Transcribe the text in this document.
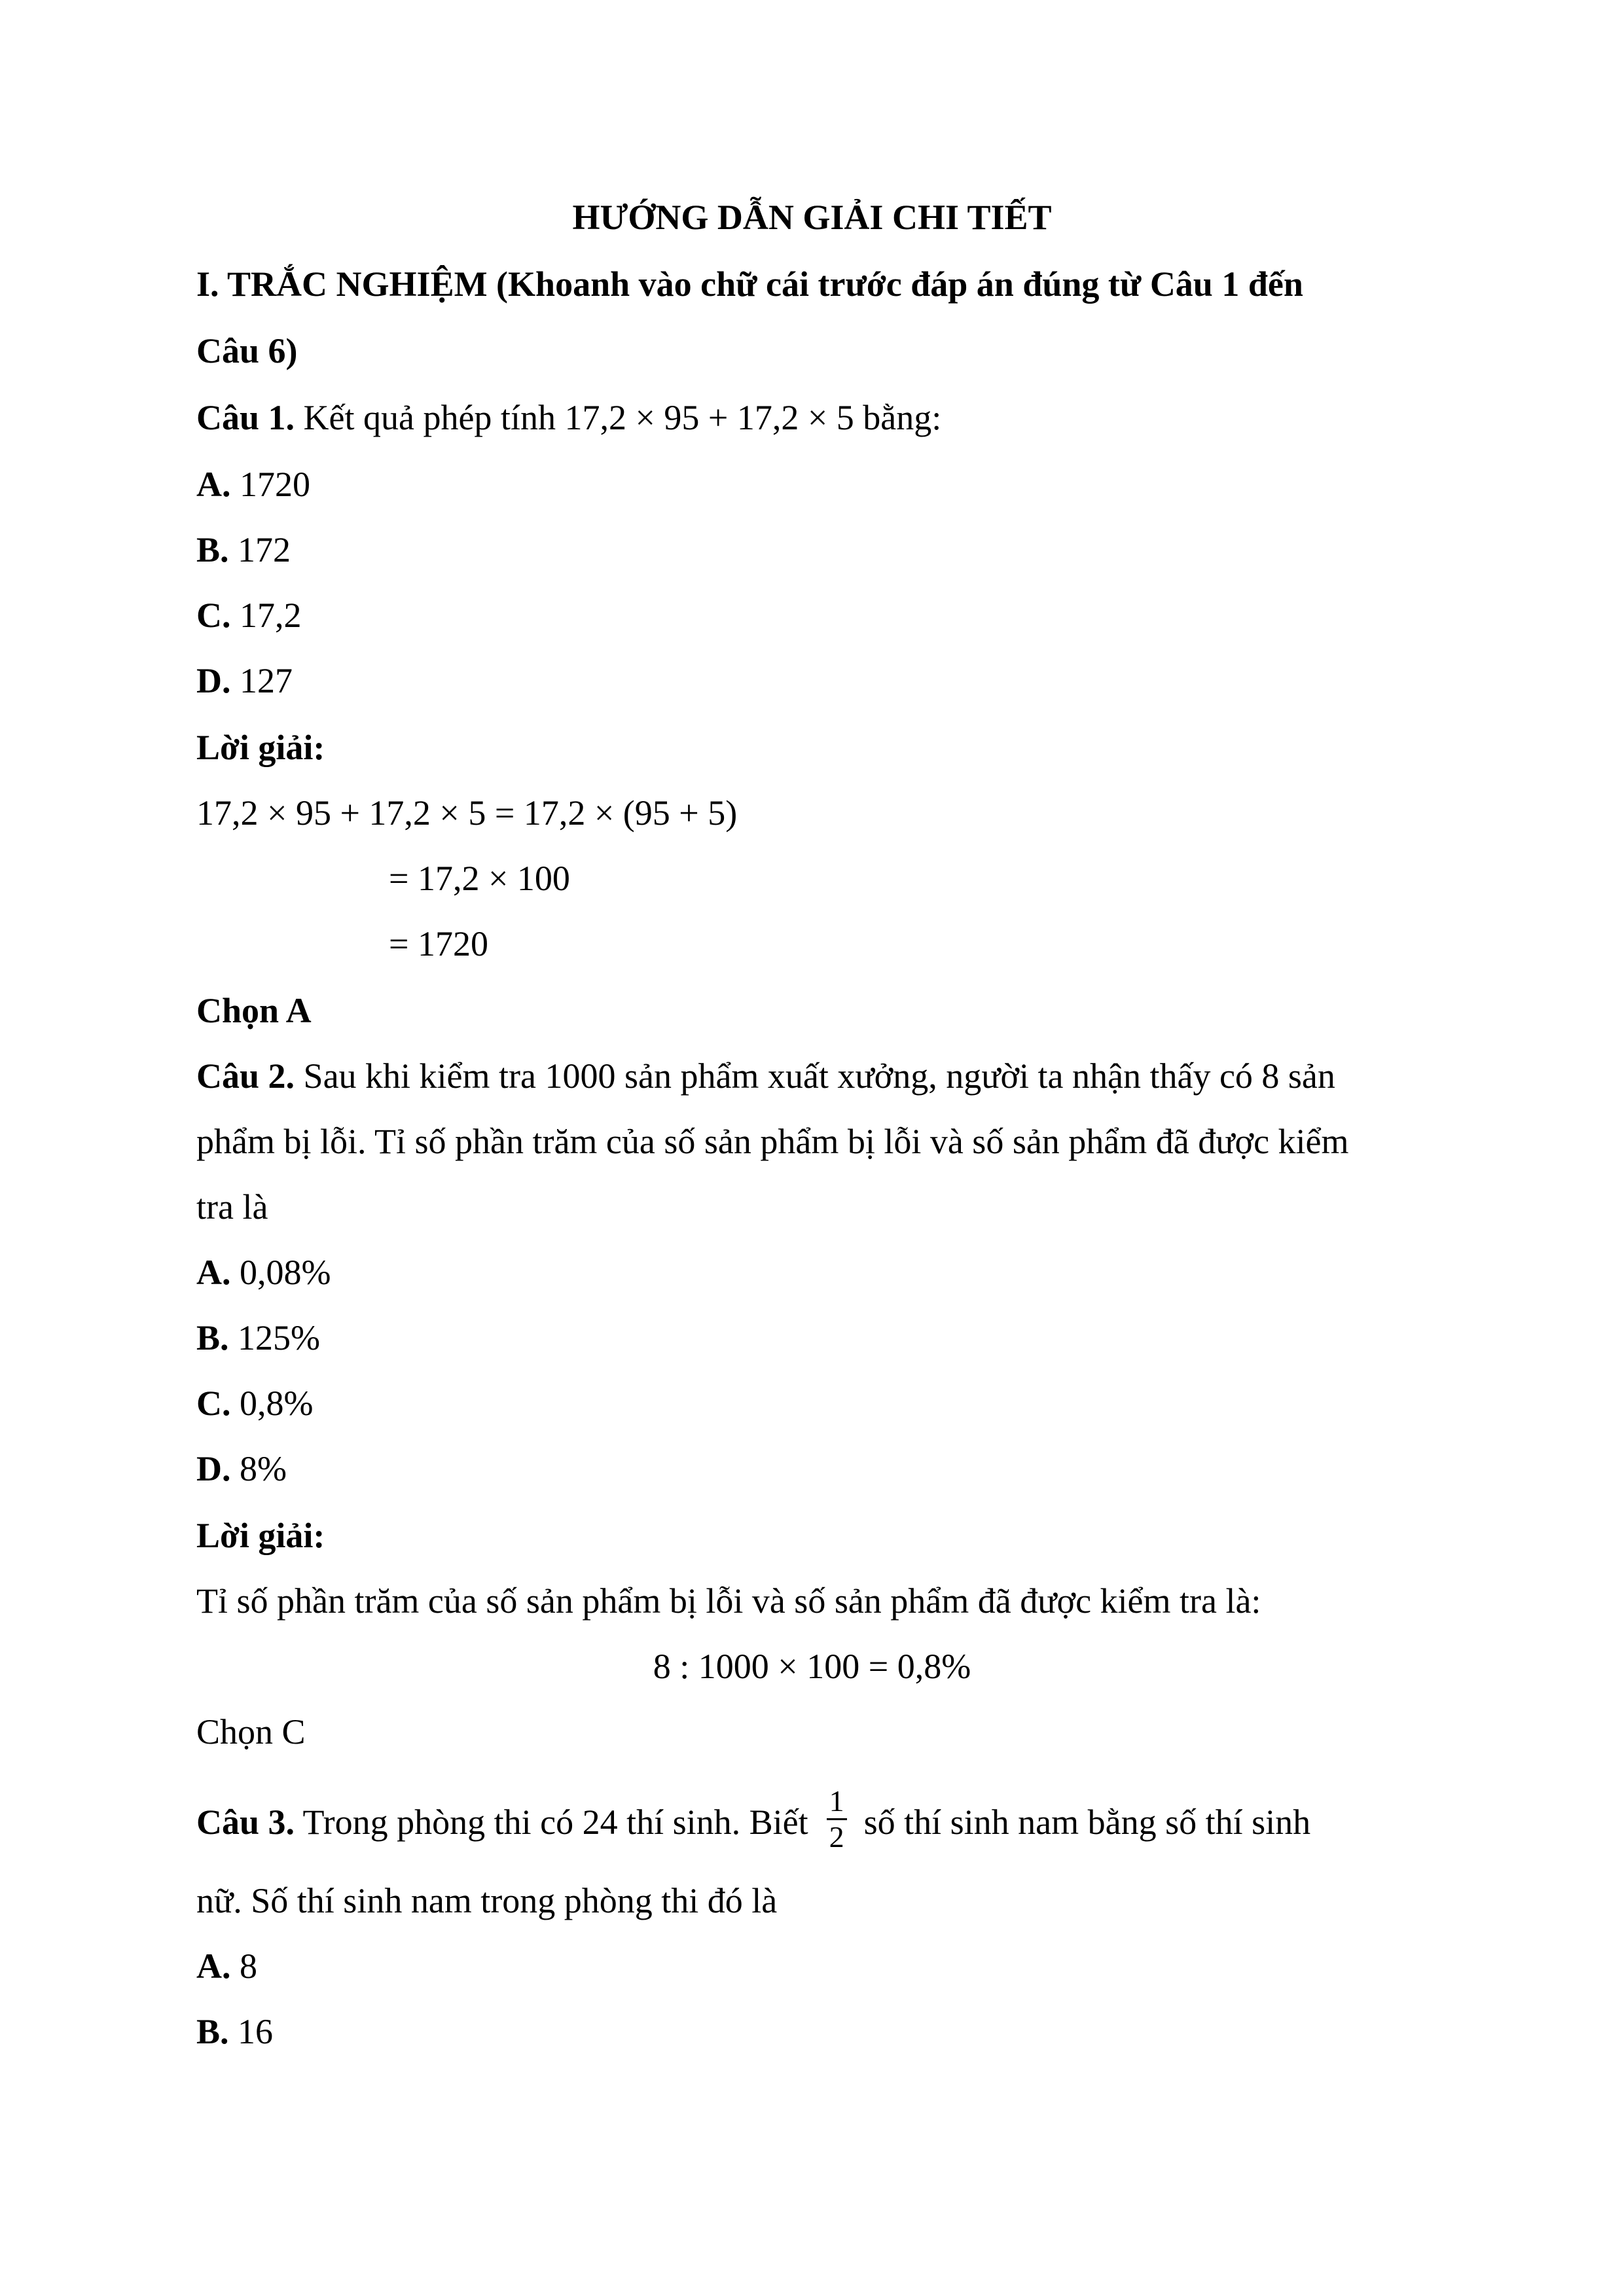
HƯỚNG DẪN GIẢI CHI TIẾT
I. TRẮC NGHIỆM (Khoanh vào chữ cái trước đáp án đúng từ Câu 1 đến
Câu 6)
Câu 1. Kết quả phép tính 17,2 × 95 + 17,2 × 5 bằng:
A. 1720
B. 172
C. 17,2
D. 127
Lời giải:
17,2 × 95 + 17,2 × 5 = 17,2 × (95 + 5)
= 17,2 × 100
= 1720
Chọn A
Câu 2. Sau khi kiểm tra 1000 sản phẩm xuất xưởng, người ta nhận thấy có 8 sản
phẩm bị lỗi. Tỉ số phần trăm của số sản phẩm bị lỗi và số sản phẩm đã được kiểm
tra là
A. 0,08%
B. 125%
C. 0,8%
D. 8%
Lời giải:
Tỉ số phần trăm của số sản phẩm bị lỗi và số sản phẩm đã được kiểm tra là:
8 : 1000 × 100 = 0,8%
Chọn C
Câu 3. Trong phòng thi có 24 thí sinh. Biết $\frac{1}{2}$ số thí sinh nam bằng số thí sinh
nữ. Số thí sinh nam trong phòng thi đó là
A. 8
B. 16
